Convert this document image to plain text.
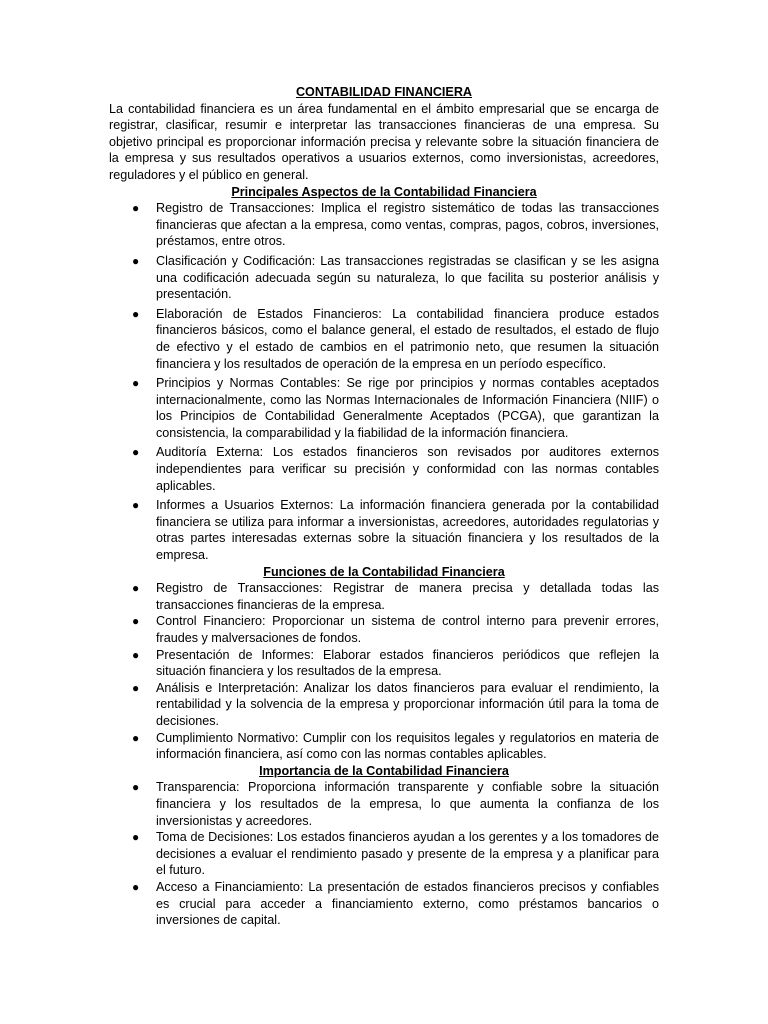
CONTABILIDAD FINANCIERA

La contabilidad financiera es un área fundamental en el ámbito empresarial que se encarga de registrar, clasificar, resumir e interpretar las transacciones financieras de una empresa. Su objetivo principal es proporcionar información precisa y relevante sobre la situación financiera de la empresa y sus resultados operativos a usuarios externos, como inversionistas, acreedores, reguladores y el público en general.

Principales Aspectos de la Contabilidad Financiera

● Registro de Transacciones: Implica el registro sistemático de todas las transacciones financieras que afectan a la empresa, como ventas, compras, pagos, cobros, inversiones, préstamos, entre otros.
● Clasificación y Codificación: Las transacciones registradas se clasifican y se les asigna una codificación adecuada según su naturaleza, lo que facilita su posterior análisis y presentación.
● Elaboración de Estados Financieros: La contabilidad financiera produce estados financieros básicos, como el balance general, el estado de resultados, el estado de flujo de efectivo y el estado de cambios en el patrimonio neto, que resumen la situación financiera y los resultados de operación de la empresa en un período específico.
● Principios y Normas Contables: Se rige por principios y normas contables aceptados internacionalmente, como las Normas Internacionales de Información Financiera (NIIF) o los Principios de Contabilidad Generalmente Aceptados (PCGA), que garantizan la consistencia, la comparabilidad y la fiabilidad de la información financiera.
● Auditoría Externa: Los estados financieros son revisados por auditores externos independientes para verificar su precisión y conformidad con las normas contables aplicables.
● Informes a Usuarios Externos: La información financiera generada por la contabilidad financiera se utiliza para informar a inversionistas, acreedores, autoridades regulatorias y otras partes interesadas externas sobre la situación financiera y los resultados de la empresa.

Funciones de la Contabilidad Financiera

● Registro de Transacciones: Registrar de manera precisa y detallada todas las transacciones financieras de la empresa.
● Control Financiero: Proporcionar un sistema de control interno para prevenir errores, fraudes y malversaciones de fondos.
● Presentación de Informes: Elaborar estados financieros periódicos que reflejen la situación financiera y los resultados de la empresa.
● Análisis e Interpretación: Analizar los datos financieros para evaluar el rendimiento, la rentabilidad y la solvencia de la empresa y proporcionar información útil para la toma de decisiones.
● Cumplimiento Normativo: Cumplir con los requisitos legales y regulatorios en materia de información financiera, así como con las normas contables aplicables.

Importancia de la Contabilidad Financiera

● Transparencia: Proporciona información transparente y confiable sobre la situación financiera y los resultados de la empresa, lo que aumenta la confianza de los inversionistas y acreedores.
● Toma de Decisiones: Los estados financieros ayudan a los gerentes y a los tomadores de decisiones a evaluar el rendimiento pasado y presente de la empresa y a planificar para el futuro.
● Acceso a Financiamiento: La presentación de estados financieros precisos y confiables es crucial para acceder a financiamiento externo, como préstamos bancarios o inversiones de capital.
